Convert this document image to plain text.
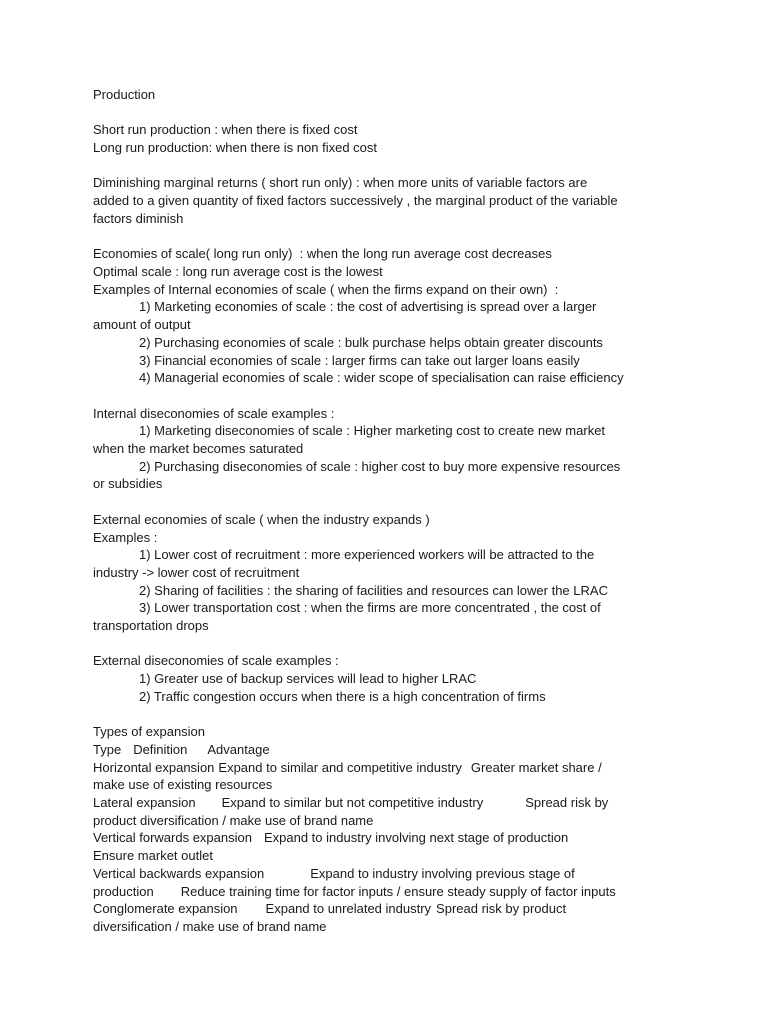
Production
Short run production : when there is fixed cost
Long run production: when there is non fixed cost
Diminishing marginal returns ( short run only) : when more units of variable factors are
added to a given quantity of fixed factors successively , the marginal product of the variable
factors diminish
Economies of scale( long run only)  : when the long run average cost decreases
Optimal scale : long run average cost is the lowest
Examples of Internal economies of scale ( when the firms expand on their own)  :
1) Marketing economies of scale : the cost of advertising is spread over a larger
amount of output
2) Purchasing economies of scale : bulk purchase helps obtain greater discounts
3) Financial economies of scale : larger firms can take out larger loans easily
4) Managerial economies of scale : wider scope of specialisation can raise efficiency
Internal diseconomies of scale examples :
1) Marketing diseconomies of scale : Higher marketing cost to create new market
when the market becomes saturated
2) Purchasing diseconomies of scale : higher cost to buy more expensive resources
or subsidies
External economies of scale ( when the industry expands )
Examples :
1) Lower cost of recruitment : more experienced workers will be attracted to the
industry -> lower cost of recruitment
2) Sharing of facilities : the sharing of facilities and resources can lower the LRAC
3) Lower transportation cost : when the firms are more concentrated , the cost of
transportation drops
External diseconomies of scale examples :
1) Greater use of backup services will lead to higher LRAC
2) Traffic congestion occurs when there is a high concentration of firms
Types of expansion
Type Definition Advantage
Horizontal expansion Expand to similar and competitive industry Greater market share /
make use of existing resources
Lateral expansion Expand to similar but not competitive industry	Spread risk by
product diversification / make use of brand name
Vertical forwards expansion Expand to industry involving next stage of production
Ensure market outlet
Vertical backwards expansion	Expand to industry involving previous stage of
production Reduce training time for factor inputs / ensure steady supply of factor inputs
Conglomerate expansion Expand to unrelated industry Spread risk by product
diversification / make use of brand name
